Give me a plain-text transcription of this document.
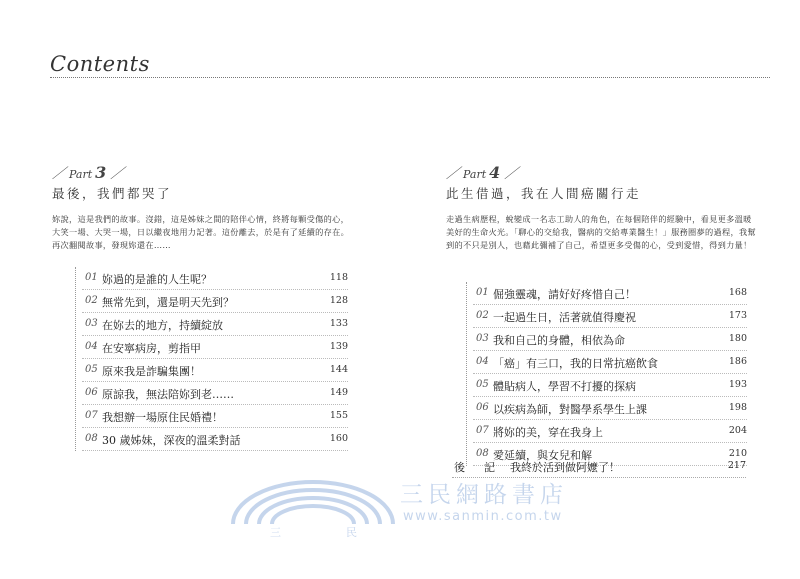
Contents
／ Part 3 ／
最後，我們都哭了
妳說，這是我們的故事。沒錯，這是姊妹之間的陪伴心情，終將每顆受傷的心，大笑一場、大哭一場，日以繼夜地用力記著。這份離去，於是有了延續的存在。再次翻閱故事，發現妳還在……
01 妳過的是誰的人生呢？	118
02 無常先到，還是明天先到？	128
03 在妳去的地方，持續綻放	133
04 在安寧病房，剪指甲	139
05 原來我是詐騙集團！	144
06 原諒我，無法陪妳到老……	149
07 我想辦一場原住民婚禮！	155
08 30 歲姊妹，深夜的溫柔對話	160
／ Part 4 ／
此生借過，我在人間癌關行走
走過生病歷程，蛻變成一名志工助人的角色，在每個陪伴的經驗中，看見更多溫暖美好的生命火光。「聊心的交給我，醫病的交給專業醫生！」服務圈夢的過程，我幫到的不只是別人，也藉此彌補了自己，希望更多受傷的心，受到愛惜，得到力量！
01 倔強靈魂，請好好疼惜自己！	168
02 一起過生日，活著就值得慶祝	173
03 我和自己的身體，相依為命	180
04 「癌」有三口，我的日常抗癌飲食	186
05 體貼病人，學習不打擾的探病	193
06 以疾病為師，對醫學系學生上課	198
07 將妳的美，穿在我身上	204
08 愛延續，與女兒和解	210
後　記 我終於活到做阿嬤了！	217
三	民
三民網路書店
www.sanmin.com.tw
